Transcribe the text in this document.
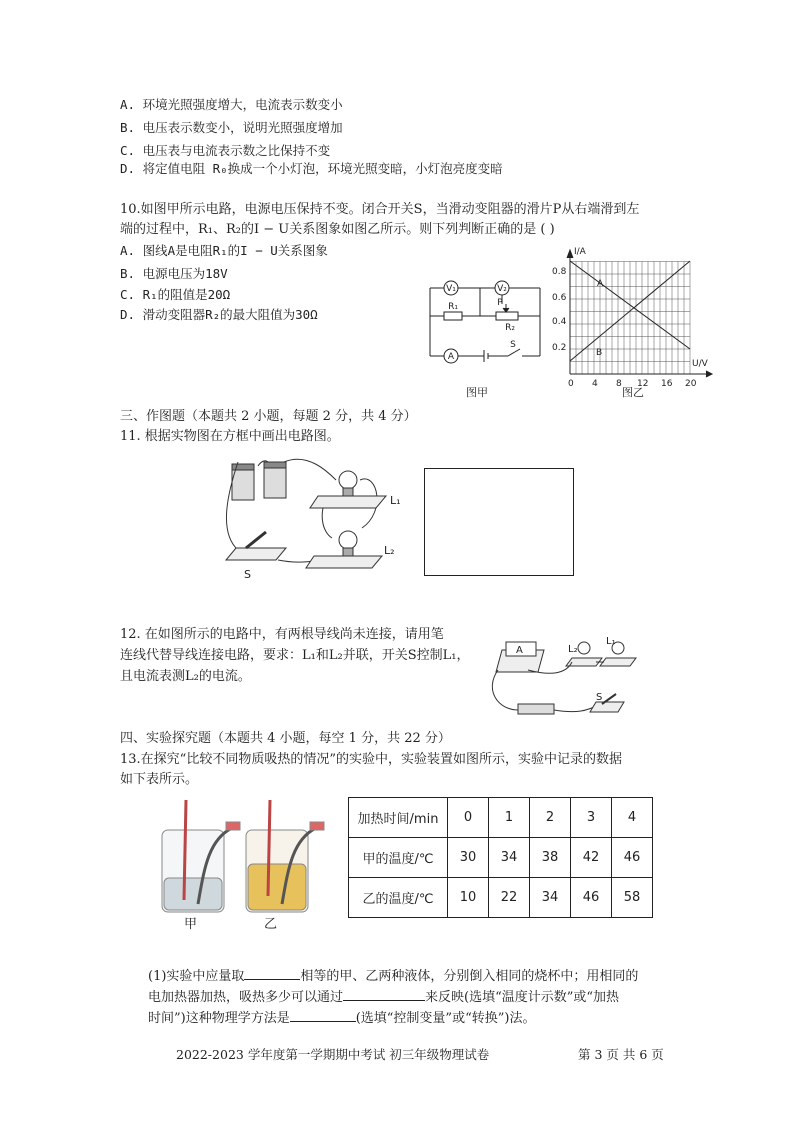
A. 环境光照强度增大，电流表示数变小
B. 电压表示数变小，说明光照强度增加
C. 电压表与电流表示数之比保持不变
D. 将定值电阻 R₀换成一个小灯泡，环境光照变暗，小灯泡亮度变暗
10.如图甲所示电路，电源电压保持不变。闭合开关S，当滑动变阻器的滑片P从右端滑到左
端的过程中，R₁、R₂的I − U关系图象如图乙所示。则下列判断正确的是 ( )
A. 图线A是电阻R₁的I − U关系图象
B. 电源电压为18V
C. R₁的阻值是20Ω
D. 滑动变阻器R₂的最大阻值为30Ω
V₁	V₂
R₁	P
R₂
A
S
图甲
I/A
U/V
0.8
0.6
0.4
0.2
0 4 8 12 16 20
A
B
图乙
三、作图题（本题共 2 小题，每题 2 分，共 4 分）
11. 根据实物图在方框中画出电路图。
L₁
L₂
S
12. 在如图所示的电路中，有两根导线尚未连接，请用笔
连线代替导线连接电路，要求：L₁和L₂并联，开关S控制L₁，
且电流表测L₂的电流。
A	L₂
L₁
S
四、实验探究题（本题共 4 小题，每空 1 分，共 22 分）
13.在探究“比较不同物质吸热的情况”的实验中，实验装置如图所示，实验中记录的数据
如下表所示。
甲	乙
加热时间/min	0	1	2	3	4
甲的温度/℃	30	34	38	42	46
乙的温度/℃	10	22	34	46	58
(1)实验中应量取	相等的甲、乙两种液体，分别倒入相同的烧杯中；用相同的
电加热器加热，吸热多少可以通过	来反映(选填“温度计示数”或“加热
时间”)这种物理学方法是	(选填“控制变量”或“转换”)法。
2022-2023 学年度第一学期期中考试 初三年级物理试卷	第 3 页 共 6 页
